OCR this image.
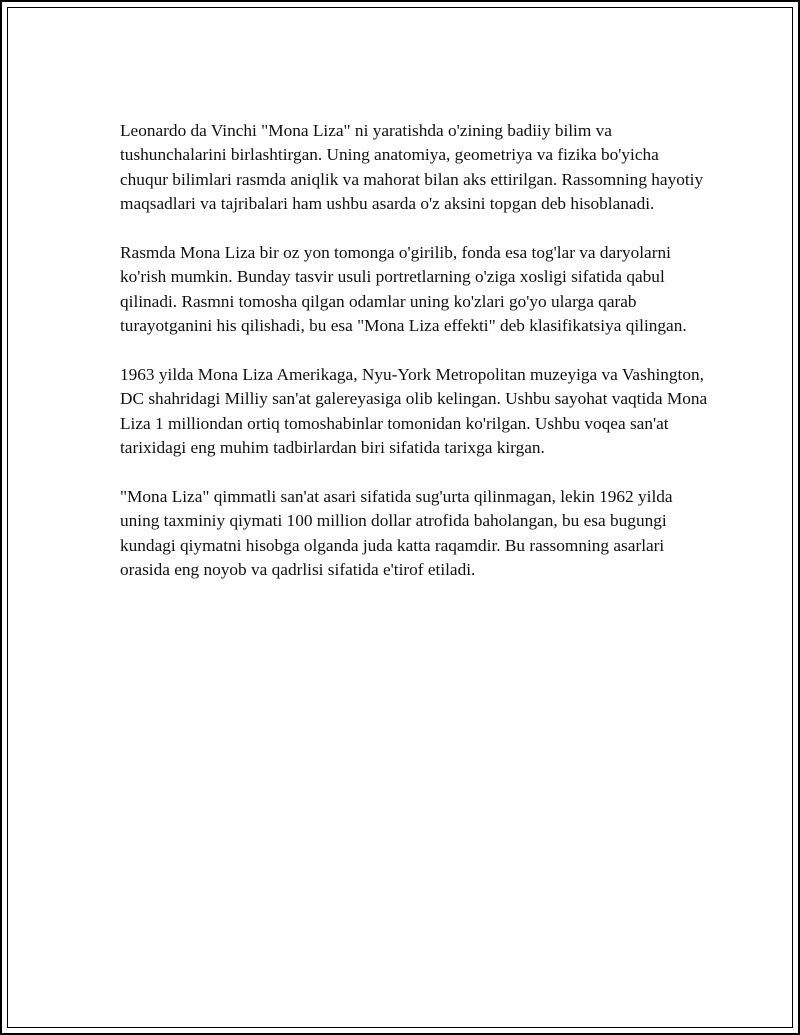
Leonardo da Vinchi "Mona Liza" ni yaratishda o'zining badiiy bilim va tushunchalarini birlashtirgan. Uning anatomiya, geometriya va fizika bo'yicha chuqur bilimlari rasmda aniqlik va mahorat bilan aks ettirilgan. Rassomning hayotiy maqsadlari va tajribalari ham ushbu asarda o'z aksini topgan deb hisoblanadi.

Rasmda Mona Liza bir oz yon tomonga o'girilib, fonda esa tog'lar va daryolarni ko'rish mumkin. Bunday tasvir usuli portretlarning o'ziga xosligi sifatida qabul qilinadi. Rasmni tomosha qilgan odamlar uning ko'zlari go'yo ularga qarab turayotganini his qilishadi, bu esa "Mona Liza effekti" deb klasifikatsiya qilingan.

1963 yilda Mona Liza Amerikaga, Nyu-York Metropolitan muzeyiga va Vashington, DC shahridagi Milliy san'at galereyasiga olib kelingan. Ushbu sayohat vaqtida Mona Liza 1 milliondan ortiq tomoshabinlar tomonidan ko'rilgan. Ushbu voqea san'at tarixidagi eng muhim tadbirlardan biri sifatida tarixga kirgan.

"Mona Liza" qimmatli san'at asari sifatida sug'urta qilinmagan, lekin 1962 yilda uning taxminiy qiymati 100 million dollar atrofida baholangan, bu esa bugungi kundagi qiymatni hisobga olganda juda katta raqamdir. Bu rassomning asarlari orasida eng noyob va qadrlisi sifatida e'tirof etiladi.
